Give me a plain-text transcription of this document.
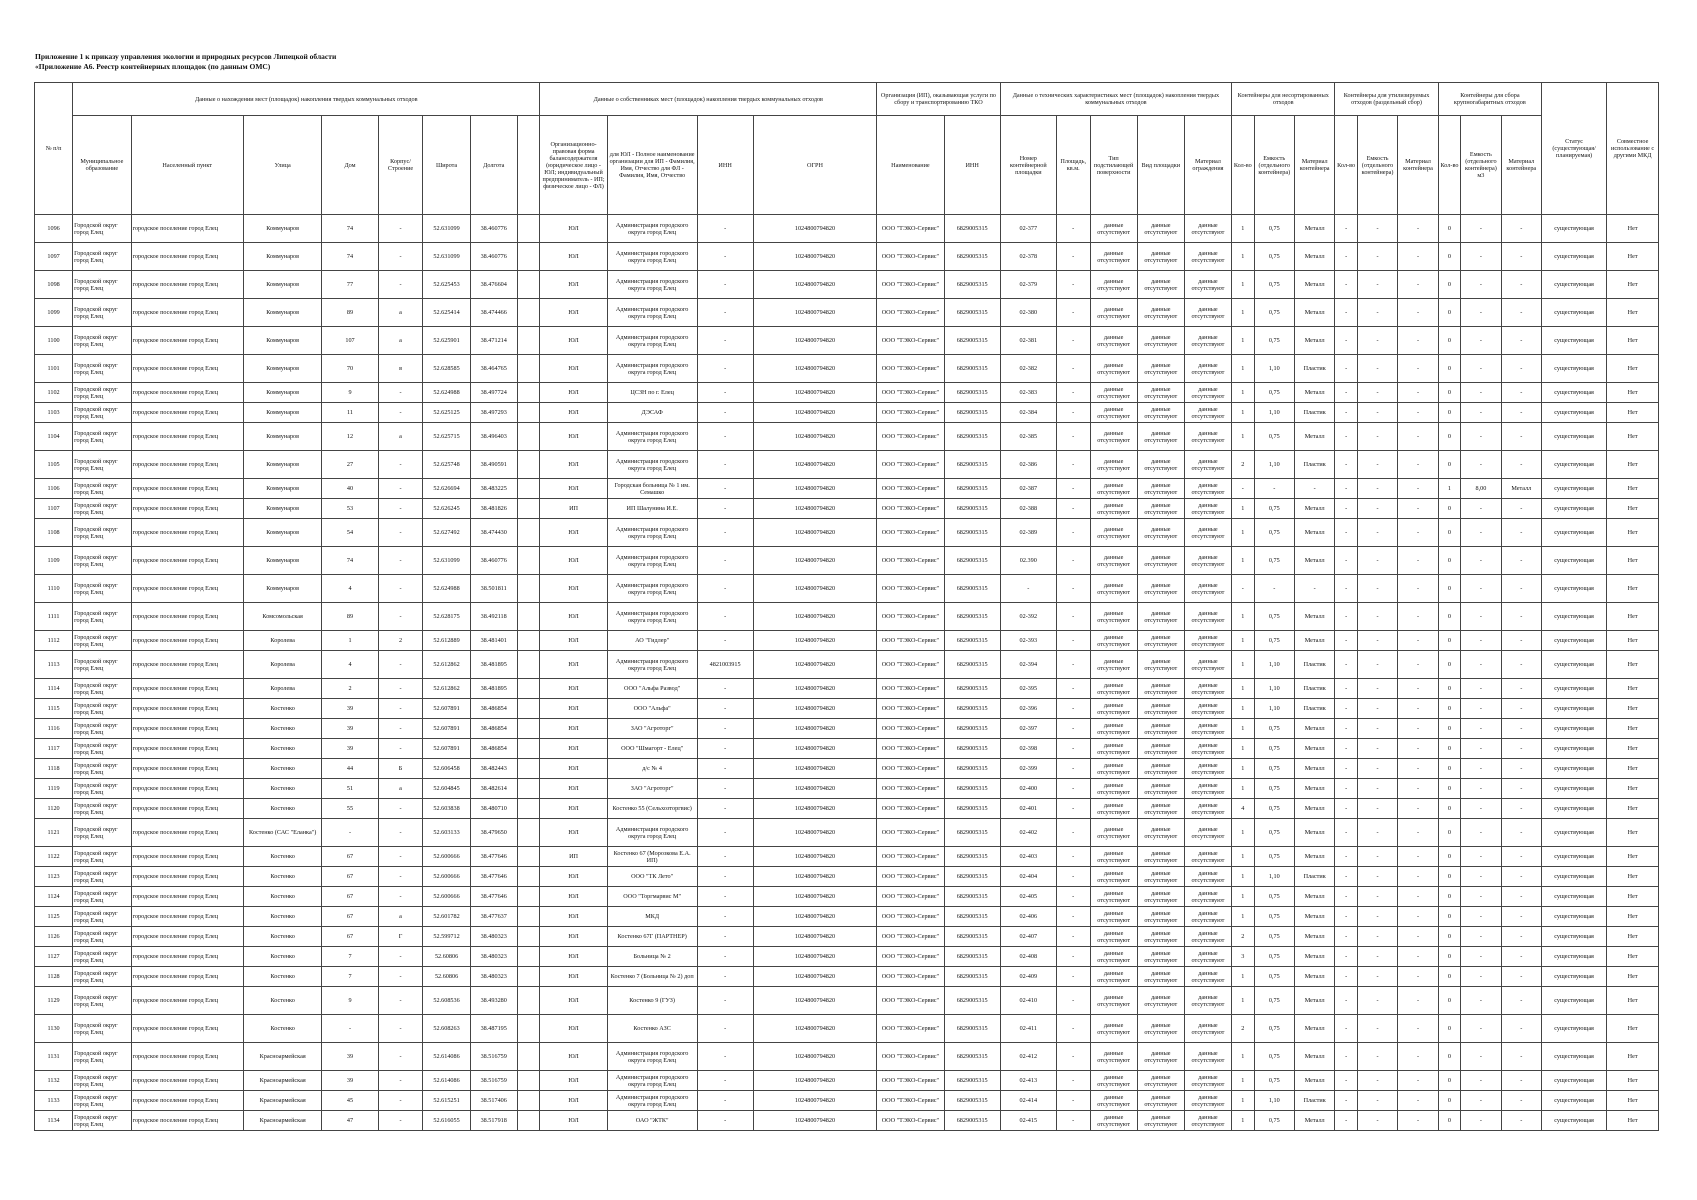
Приложение 1 к приказу управления экологии и природных ресурсов Липецкой области
«Приложение А6. Реестр контейнерных площадок (по данным ОМС)
№ п/п	Данные о нахождении мест (площадок) накопления твердых коммунальных отходов								Данные о собственниках мест (площадок) накопления твердых коммунальных отходов				Организация (ИП), оказывающая услуги по сбору и транспортированию ТКО		Данные о технических характеристиках мест (площадок) накопления твердых коммунальных отходов					Контейнеры для несортированных отходов			Контейнеры для утилизируемых отходов (раздельный сбор)			Контейнеры для сбора крупногабаритных отходов			Статус (существующая/ планируемая)	Совместное использование с другими МКД
	Муниципальное образование	Населенный пункт	Улица	Дом	Корпус/Строение	Широта	Долгота		Организационно-правовая форма балансодержателя (юридическое лицо - ЮЛ; индивидуальный предприниматель - ИП; физическое лицо - ФЛ)	для ЮЛ - Полное наименование организации для ИП - Фамилия, Имя, Отчество для ФЛ - Фамилия, Имя, Отчество	ИНН	ОГРН	Наименование	ИНН	Номер контейнерной площадки	Площадь, кв.м.	Тип подстилающей поверхности	Вид площадки	Материал ограждения	Кол-во	Емкость (отдельного контейнера)	Материал контейнера	Кол-во	Емкость (отдельного контейнера)	Материал контейнера	Кол-во	Емкость (отдельного контейнера) м3	Материал контейнера		
1096	Городской округ город Елец	городское поселение город Елец	Коммунаров	74	-	52.631099	38.460776		ЮЛ	Администрация городского округа город Елец	-	1024800794820	ООО "ТЭКО-Сервис"	6829005315	02-377	-	данные отсутствуют	данные отсутствуют	данные отсутствуют	1	0,75	Металл	-	-	-	0	-	-	существующая	Нет
1097	Городской округ город Елец	городское поселение город Елец	Коммунаров	74	-	52.631099	38.460776		ЮЛ	Администрация городского округа город Елец	-	1024800794820	ООО "ТЭКО-Сервис"	6829005315	02-378	-	данные отсутствуют	данные отсутствуют	данные отсутствуют	1	0,75	Металл	-	-	-	0	-	-	существующая	Нет
1098	Городской округ город Елец	городское поселение город Елец	Коммунаров	77	-	52.625453	38.476604		ЮЛ	Администрация городского округа город Елец	-	1024800794820	ООО "ТЭКО-Сервис"	6829005315	02-379	-	данные отсутствуют	данные отсутствуют	данные отсутствуют	1	0,75	Металл	-	-	-	0	-	-	существующая	Нет
1099	Городской округ город Елец	городское поселение город Елец	Коммунаров	89	а	52.625414	38.474466		ЮЛ	Администрация городского округа город Елец	-	1024800794820	ООО "ТЭКО-Сервис"	6829005315	02-380	-	данные отсутствуют	данные отсутствуют	данные отсутствуют	1	0,75	Металл	-	-	-	0	-	-	существующая	Нет
1100	Городской округ город Елец	городское поселение город Елец	Коммунаров	107	а	52.625901	38.471214		ЮЛ	Администрация городского округа город Елец	-	1024800794820	ООО "ТЭКО-Сервис"	6829005315	02-381	-	данные отсутствуют	данные отсутствуют	данные отсутствуют	1	0,75	Металл	-	-	-	0	-	-	существующая	Нет
1101	Городской округ город Елец	городское поселение город Елец	Коммунаров	70	в	52.628585	38.464765		ЮЛ	Администрация городского округа город Елец	-	1024800794820	ООО "ТЭКО-Сервис"	6829005315	02-382	-	данные отсутствуют	данные отсутствуют	данные отсутствуют	1	1,10	Пластик	-	-	-	0	-	-	существующая	Нет
1102	Городской округ город Елец	городское поселение город Елец	Коммунаров	9	-	52.624988	38.497724		ЮЛ	ЦСЗН по г. Елец	-	1024800794820	ООО "ТЭКО-Сервис"	6829005315	02-383	-	данные отсутствуют	данные отсутствуют	данные отсутствуют	1	0,75	Металл	-	-	-	0	-	-	существующая	Нет
1103	Городской округ город Елец	городское поселение город Елец	Коммунаров	11	-	52.625125	38.497293		ЮЛ	ДЭСАФ	-	1024800794820	ООО "ТЭКО-Сервис"	6829005315	02-384	-	данные отсутствуют	данные отсутствуют	данные отсутствуют	1	1,10	Пластик	-	-	-	0	-	-	существующая	Нет
1104	Городской округ город Елец	городское поселение город Елец	Коммунаров	12	а	52.625715	38.496403		ЮЛ	Администрация городского округа город Елец	-	1024800794820	ООО "ТЭКО-Сервис"	6829005315	02-385	-	данные отсутствуют	данные отсутствуют	данные отсутствуют	1	0,75	Металл	-	-	-	0	-	-	существующая	Нет
1105	Городской округ город Елец	городское поселение город Елец	Коммунаров	27	-	52.625748	38.490591		ЮЛ	Администрация городского округа город Елец	-	1024800794820	ООО "ТЭКО-Сервис"	6829005315	02-386	-	данные отсутствуют	данные отсутствуют	данные отсутствуют	2	1,10	Пластик	-	-	-	0	-	-	существующая	Нет
1106	Городской округ город Елец	городское поселение город Елец	Коммунаров	40	-	52.626694	38.483225		ЮЛ	Городская больница № 1 им. Семашко	-	1024800794820	ООО "ТЭКО-Сервис"	6829005315	02-387	-	данные отсутствуют	данные отсутствуют	данные отсутствуют	-	-	-	-	-	-	1	8,00	Металл	существующая	Нет
1107	Городской округ город Елец	городское поселение город Елец	Коммунаров	53	-	52.626245	38.481826		ИП	ИП Шалунина И.Е.	-	1024800794820	ООО "ТЭКО-Сервис"	6829005315	02-388	-	данные отсутствуют	данные отсутствуют	данные отсутствуют	1	0,75	Металл	-	-	-	0	-	-	существующая	Нет
1108	Городской округ город Елец	городское поселение город Елец	Коммунаров	54	-	52.627492	38.474430		ЮЛ	Администрация городского округа город Елец	-	1024800794820	ООО "ТЭКО-Сервис"	6829005315	02-389	-	данные отсутствуют	данные отсутствуют	данные отсутствуют	1	0,75	Металл	-	-	-	0	-	-	существующая	Нет
1109	Городской округ город Елец	городское поселение город Елец	Коммунаров	74	-	52.631099	38.460776		ЮЛ	Администрация городского округа город Елец	-	1024800794820	ООО "ТЭКО-Сервис"	6829005315	02.390	-	данные отсутствуют	данные отсутствуют	данные отсутствуют	1	0,75	Металл	-	-	-	0	-	-	существующая	Нет
1110	Городской округ город Елец	городское поселение город Елец	Коммунаров	4	-	52.624988	38.501811		ЮЛ	Администрация городского округа город Елец	-	1024800794820	ООО "ТЭКО-Сервис"	6829005315	-	-	данные отсутствуют	данные отсутствуют	данные отсутствуют	-	-	-	-	-	-	0	-	-	существующая	Нет
1111	Городской округ город Елец	городское поселение город Елец	Комсомольская	89	-	52.628175	38.492118		ЮЛ	Администрация городского округа город Елец	-	1024800794820	ООО "ТЭКО-Сервис"	6829005315	02-392	-	данные отсутствуют	данные отсутствуют	данные отсутствуют	1	0,75	Металл	-	-	-	0	-	-	существующая	Нет
1112	Городской округ город Елец	городское поселение город Елец	Королева	1	2	52.612889	38.481401		ЮЛ	АО "Гидлер"	-	1024800794820	ООО "ТЭКО-Сервис"	6829005315	02-393	-	данные отсутствуют	данные отсутствуют	данные отсутствуют	1	0,75	Металл	-	-	-	0	-	-	существующая	Нет
1113	Городской округ город Елец	городское поселение город Елец	Королева	4	-	52.612862	38.481895		ЮЛ	Администрация городского округа город Елец	4821003915	1024800794820	ООО "ТЭКО-Сервис"	6829005315	02-394	-	данные отсутствуют	данные отсутствуют	данные отсутствуют	1	1,10	Пластик	-	-	-	0	-	-	существующая	Нет
1114	Городской округ город Елец	городское поселение город Елец	Королева	2	-	52.612862	38.481895		ЮЛ	ООО "Альфа Развод"	-	1024800794820	ООО "ТЭКО-Сервис"	6829005315	02-395	-	данные отсутствуют	данные отсутствуют	данные отсутствуют	1	1,10	Пластик	-	-	-	0	-	-	существующая	Нет
1115	Городской округ город Елец	городское поселение город Елец	Костенко	39	-	52.607891	38.486854		ЮЛ	ООО "Альфа"	-	1024800794820	ООО "ТЭКО-Сервис"	6829005315	02-396	-	данные отсутствуют	данные отсутствуют	данные отсутствуют	1	1,10	Пластик	-	-	-	0	-	-	существующая	Нет
1116	Городской округ город Елец	городское поселение город Елец	Костенко	39	-	52.607891	38.486854		ЮЛ	ЗАО "Агроторг"	-	1024800794820	ООО "ТЭКО-Сервис"	6829005315	02-397	-	данные отсутствуют	данные отсутствуют	данные отсутствуют	1	0,75	Металл	-	-	-	0	-	-	существующая	Нет
1117	Городской округ город Елец	городское поселение город Елец	Костенко	39	-	52.607891	38.486854		ЮЛ	ООО "Шмагорт - Елец"	-	1024800794820	ООО "ТЭКО-Сервис"	6829005315	02-398	-	данные отсутствуют	данные отсутствуют	данные отсутствуют	1	0,75	Металл	-	-	-	0	-	-	существующая	Нет
1118	Городской округ город Елец	городское поселение город Елец	Костенко	44	Б	52.606458	38.482443		ЮЛ	д/с № 4	-	1024800794820	ООО "ТЭКО-Сервис"	6829005315	02-399	-	данные отсутствуют	данные отсутствуют	данные отсутствуют	1	0,75	Металл	-	-	-	0	-	-	существующая	Нет
1119	Городской округ город Елец	городское поселение город Елец	Костенко	51	а	52.604845	38.482614		ЮЛ	ЗАО "Агроторг"	-	1024800794820	ООО "ТЭКО-Сервис"	6829005315	02-400	-	данные отсутствуют	данные отсутствуют	данные отсутствуют	1	0,75	Металл	-	-	-	0	-	-	существующая	Нет
1120	Городской округ город Елец	городское поселение город Елец	Костенко	55	-	52.603838	38.480710		ЮЛ	Костенко 55 (Сельхозторгвис)	-	1024800794820	ООО "ТЭКО-Сервис"	6829005315	02-401	-	данные отсутствуют	данные отсутствуют	данные отсутствуют	4	0,75	Металл	-	-	-	0	-	-	существующая	Нет
1121	Городской округ город Елец	городское поселение город Елец	Костенко (САС "Еланка")	-	-	52.603133	38.479650		ЮЛ	Администрация городского округа город Елец	-	1024800794820	ООО "ТЭКО-Сервис"	6829005315	02-402	-	данные отсутствуют	данные отсутствуют	данные отсутствуют	1	0,75	Металл	-	-	-	0	-	-	существующая	Нет
1122	Городской округ город Елец	городское поселение город Елец	Костенко	67	-	52.600666	38.477646		ИП	Костенко 67 (Морозкова Е.А. ИП)	-	1024800794820	ООО "ТЭКО-Сервис"	6829005315	02-403	-	данные отсутствуют	данные отсутствуют	данные отсутствуют	1	0,75	Металл	-	-	-	0	-	-	существующая	Нет
1123	Городской округ город Елец	городское поселение город Елец	Костенко	67	-	52.600666	38.477646		ЮЛ	ООО "ТК Лето"	-	1024800794820	ООО "ТЭКО-Сервис"	6829005315	02-404	-	данные отсутствуют	данные отсутствуют	данные отсутствуют	1	1,10	Пластик	-	-	-	0	-	-	существующая	Нет
1124	Городской округ город Елец	городское поселение город Елец	Костенко	67	-	52.600666	38.477646		ЮЛ	ООО "Торгмарвис М"	-	1024800794820	ООО "ТЭКО-Сервис"	6829005315	02-405	-	данные отсутствуют	данные отсутствуют	данные отсутствуют	1	0,75	Металл	-	-	-	0	-	-	существующая	Нет
1125	Городской округ город Елец	городское поселение город Елец	Костенко	67	а	52.601782	38.477637		ЮЛ	МКД	-	1024800794820	ООО "ТЭКО-Сервис"	6829005315	02-406	-	данные отсутствуют	данные отсутствуют	данные отсутствуют	1	0,75	Металл	-	-	-	0	-	-	существующая	Нет
1126	Городской округ город Елец	городское поселение город Елец	Костенко	67	Г	52.599712	38.480323		ЮЛ	Костенко 67Г (ПАРТНЕР)	-	1024800794820	ООО "ТЭКО-Сервис"	6829005315	02-407	-	данные отсутствуют	данные отсутствуют	данные отсутствуют	2	0,75	Металл	-	-	-	0	-	-	существующая	Нет
1127	Городской округ город Елец	городское поселение город Елец	Костенко	7	-	52.60806	38.480323		ЮЛ	Больница № 2	-	1024800794820	ООО "ТЭКО-Сервис"	6829005315	02-408	-	данные отсутствуют	данные отсутствуют	данные отсутствуют	3	0,75	Металл	-	-	-	0	-	-	существующая	Нет
1128	Городской округ город Елец	городское поселение город Елец	Костенко	7	-	52.60806	38.480323		ЮЛ	Костенко 7 (Больница № 2) доп	-	1024800794820	ООО "ТЭКО-Сервис"	6829005315	02-409	-	данные отсутствуют	данные отсутствуют	данные отсутствуют	1	0,75	Металл	-	-	-	0	-	-	существующая	Нет
1129	Городской округ город Елец	городское поселение город Елец	Костенко	9	-	52.608536	38.493280		ЮЛ	Костенко 9 (ГУЗ)	-	1024800794820	ООО "ТЭКО-Сервис"	6829005315	02-410	-	данные отсутствуют	данные отсутствуют	данные отсутствуют	1	0,75	Металл	-	-	-	0	-	-	существующая	Нет
1130	Городской округ город Елец	городское поселение город Елец	Костенко	-	-	52.608263	38.487195		ЮЛ	Костенко АЗС	-	1024800794820	ООО "ТЭКО-Сервис"	6829005315	02-411	-	данные отсутствуют	данные отсутствуют	данные отсутствуют	2	0,75	Металл	-	-	-	0	-	-	существующая	Нет
1131	Городской округ город Елец	городское поселение город Елец	Красноармейская	39	-	52.614086	38.516759		ЮЛ	Администрация городского округа город Елец	-	1024800794820	ООО "ТЭКО-Сервис"	6829005315	02-412	-	данные отсутствуют	данные отсутствуют	данные отсутствуют	1	0,75	Металл	-	-	-	0	-	-	существующая	Нет
1132	Городской округ город Елец	городское поселение город Елец	Красноармейская	39	-	52.614086	38.516759		ЮЛ	Администрация городского округа город Елец	-	1024800794820	ООО "ТЭКО-Сервис"	6829005315	02-413	-	данные отсутствуют	данные отсутствуют	данные отсутствуют	1	0,75	Металл	-	-	-	0	-	-	существующая	Нет
1133	Городской округ город Елец	городское поселение город Елец	Красноармейская	45	-	52.615251	38.517406		ЮЛ	Администрация городского округа город Елец	-	1024800794820	ООО "ТЭКО-Сервис"	6829005315	02-414	-	данные отсутствуют	данные отсутствуют	данные отсутствуют	1	1,10	Пластик	-	-	-	0	-	-	существующая	Нет
1134	Городской округ город Елец	городское поселение город Елец	Красноармейская	47	-	52.616055	38.517918		ЮЛ	ОАО "ЖТК"	-	1024800794820	ООО "ТЭКО-Сервис"	6829005315	02-415	-	данные отсутствуют	данные отсутствуют	данные отсутствуют	1	0,75	Металл	-	-	-	0	-	-	существующая	Нет
